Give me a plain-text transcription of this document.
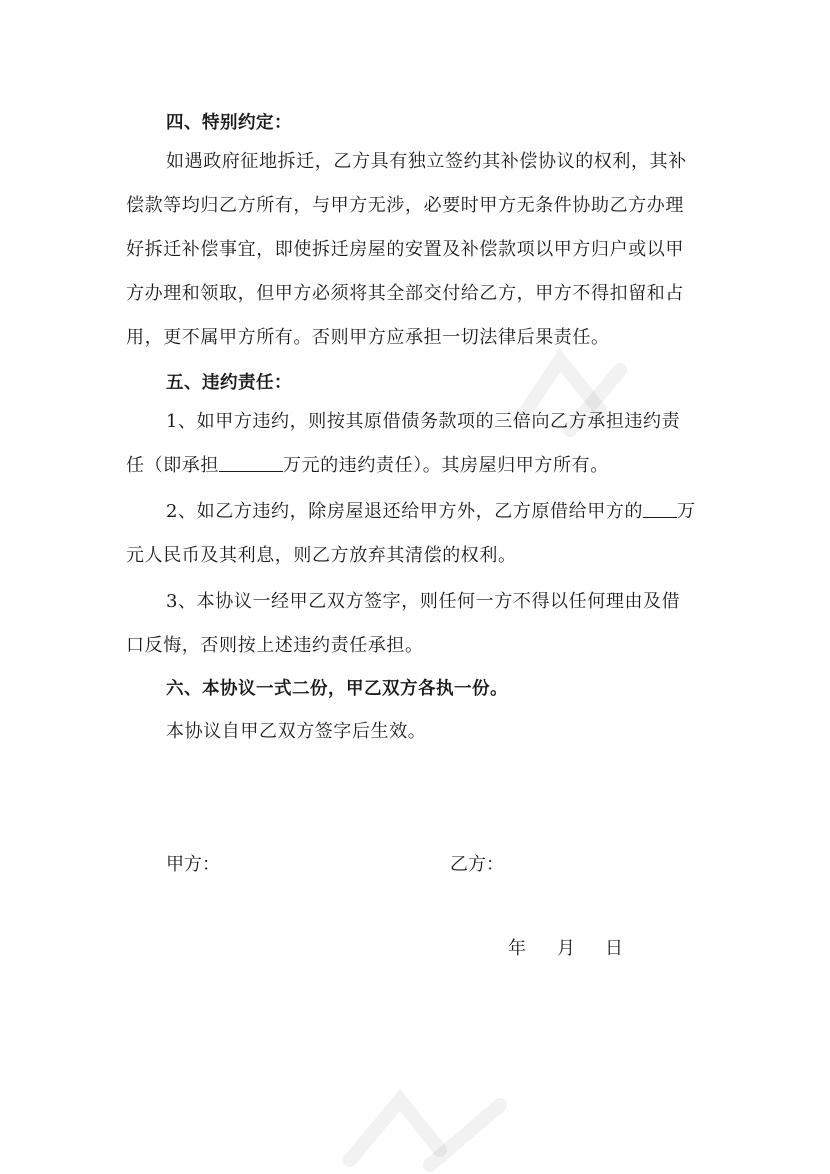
四、特别约定：
如遇政府征地拆迁，乙方具有独立签约其补偿协议的权利，其补
偿款等均归乙方所有，与甲方无涉，必要时甲方无条件协助乙方办理
好拆迁补偿事宜，即使拆迁房屋的安置及补偿款项以甲方归户或以甲
方办理和领取，但甲方必须将其全部交付给乙方，甲方不得扣留和占
用，更不属甲方所有。否则甲方应承担一切法律后果责任。
五、违约责任：
1、如甲方违约，则按其原借债务款项的三倍向乙方承担违约责
任（即承担	万元的违约责任）。其房屋归甲方所有。
2、如乙方违约，除房屋退还给甲方外，乙方原借给甲方的 万
元人民币及其利息，则乙方放弃其清偿的权利。
3、本协议一经甲乙双方签字，则任何一方不得以任何理由及借
口反悔，否则按上述违约责任承担。
六、本协议一式二份，甲乙双方各执一份。
本协议自甲乙双方签字后生效。
甲方：	乙方：
年 月 日
